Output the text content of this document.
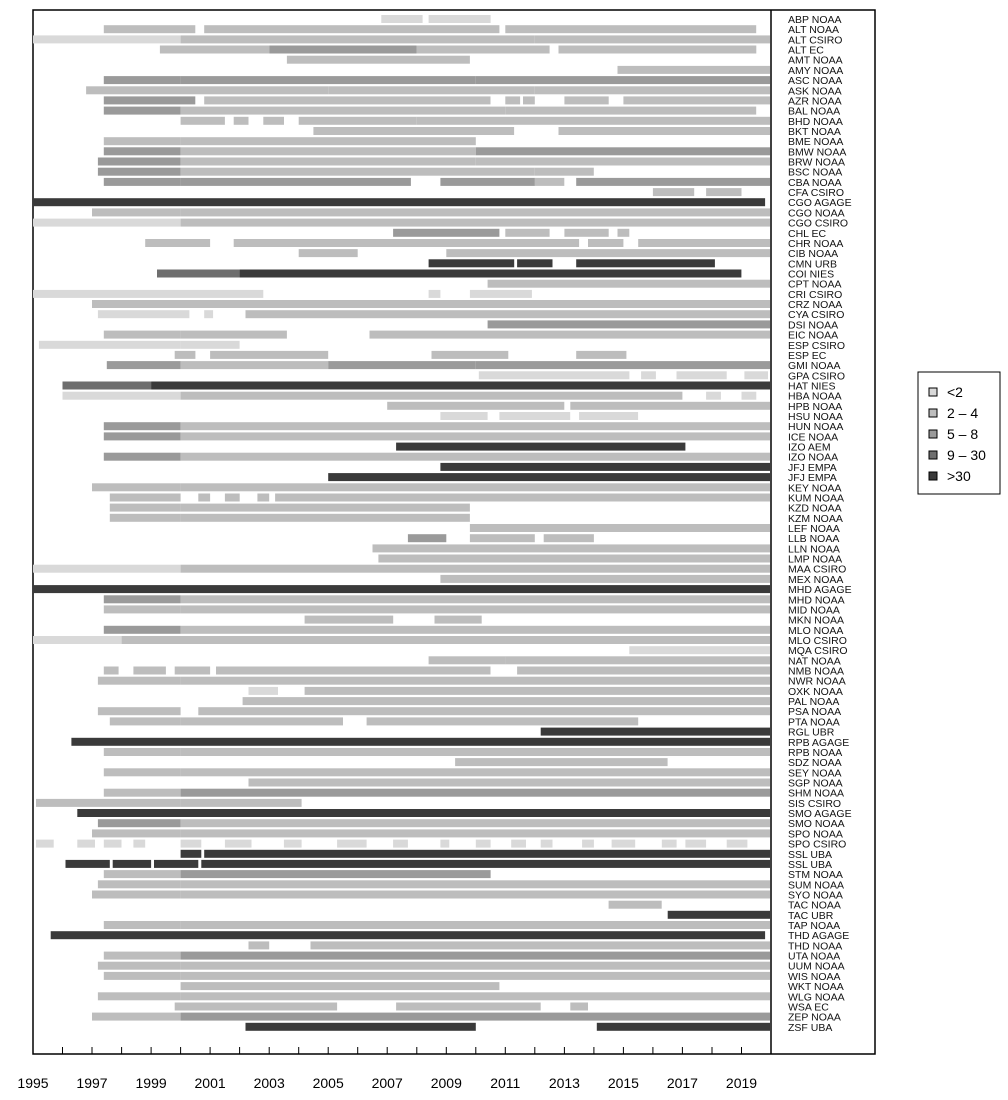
ABP NOAA
ALT NOAA
ALT CSIRO
ALT EC
AMT NOAA
AMY NOAA
ASC NOAA
ASK NOAA
AZR NOAA
BAL NOAA
BHD NOAA
BKT NOAA
BME NOAA
BMW NOAA
BRW NOAA
BSC NOAA
CBA NOAA
CFA CSIRO
CGO AGAGE
CGO NOAA
CGO CSIRO
CHL EC
CHR NOAA
CIB NOAA
CMN URB
COI NIES
CPT NOAA
CRI CSIRO
CRZ NOAA
CYA CSIRO
DSI NOAA
EIC NOAA
ESP CSIRO
ESP EC
GMI NOAA
GPA CSIRO
HAT NIES
HBA NOAA
HPB NOAA
HSU NOAA
HUN NOAA
ICE NOAA
IZO AEM
IZO NOAA
JFJ EMPA
JFJ EMPA
KEY NOAA
KUM NOAA
KZD NOAA
KZM NOAA
LEF NOAA
LLB NOAA
LLN NOAA
LMP NOAA
MAA CSIRO
MEX NOAA
MHD AGAGE
MHD NOAA
MID NOAA
MKN NOAA
MLO NOAA
MLO CSIRO
MQA CSIRO
NAT NOAA
NMB NOAA
NWR NOAA
OXK NOAA
PAL NOAA
PSA NOAA
PTA NOAA
RGL UBR
RPB AGAGE
RPB NOAA
SDZ NOAA
SEY NOAA
SGP NOAA
SHM NOAA
SIS CSIRO
SMO AGAGE
SMO NOAA
SPO NOAA
SPO CSIRO
SSL UBA
SSL UBA
STM NOAA
SUM NOAA
SYO NOAA
TAC NOAA
TAC UBR
TAP NOAA
THD AGAGE
THD NOAA
UTA NOAA
UUM NOAA
WIS NOAA
WKT NOAA
WLG NOAA
WSA EC
ZEP NOAA
ZSF UBA
1995 1997 1999 2001 2003 2005 2007 2009 2011 2013 2015 2017 2019
<2
2 – 4
5 – 8
9 – 30
>30
